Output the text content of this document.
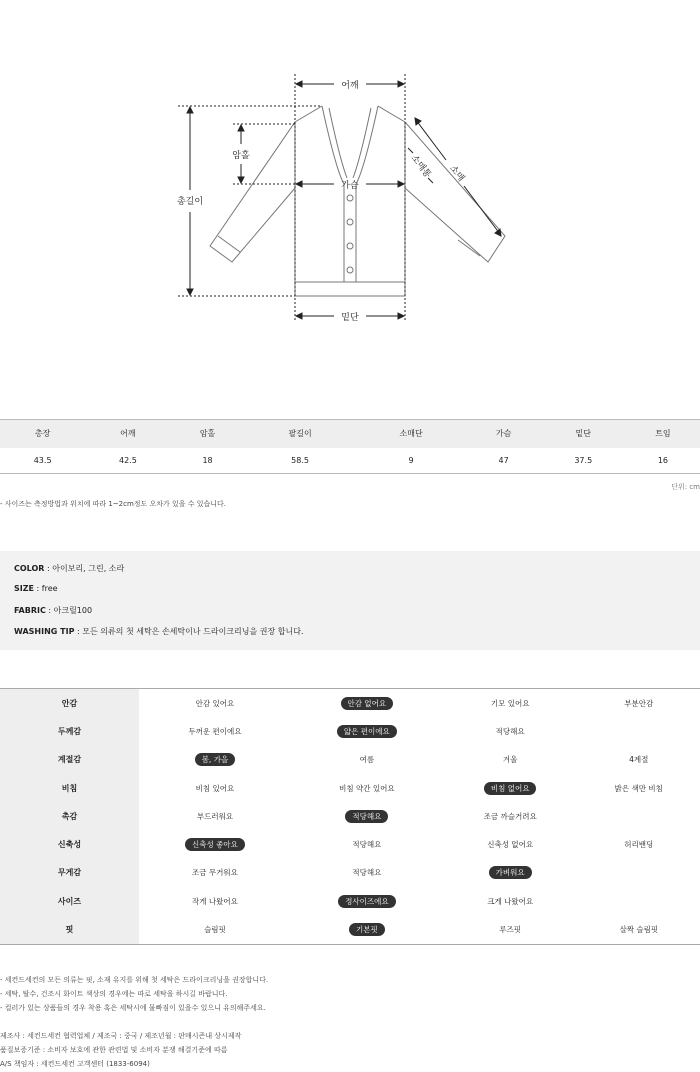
어깨
가슴
밑단
총길이
암홀
소매
소매통
총장	어깨	암홀	팔길이	소매단	가슴	밑단	트임
43.5	42.5	18	58.5	9	47	37.5	16
단위: cm
- 사이즈는 측정방법과 위치에 따라 1~2cm정도 오차가 있을 수 있습니다.
COLOR : 아이보리, 그린, 소라
SIZE : free
FABRIC : 아크릴100
WASHING TIP : 모든 의류의 첫 세탁은 손세탁이나 드라이크리닝을 권장 합니다.
안감	안감 있어요	안감 없어요	기모 있어요	부분안감
두께감	두꺼운 편이에요	얇은 편이에요	적당해요	
계절감	봄, 가을	여름	겨울	4계절
비침	비침 있어요	비침 약간 있어요	비침 없어요	밝은 색만 비침
촉감	부드러워요	적당해요	조금 까슬거려요	
신축성	신축성 좋아요	적당해요	신축성 없어요	허리밴딩
무게감	조금 무거워요	적당해요	가벼워요	
사이즈	작게 나왔어요	정사이즈에요	크게 나왔어요	
핏	슬림핏	기본핏	루즈핏	살짝 슬림핏
- 세컨드세컨의 모든 의류는 핏, 소재 유지를 위해 첫 세탁은 드라이크리닝을 권장합니다.
- 세탁, 탈수, 건조시 화이트 색상의 경우에는 따로 세탁을 하시길 바랍니다.
- 컬러가 있는 상품들의 경우 착용 혹은 세탁시에 물빠짐이 있을수 있으니 유의해주세요.
제조사 : 세컨드세컨 협력업체 / 제조국 : 중국 / 제조년월 : 판매시즌내 상시제작
품질보증기준 : 소비자 보호에 관한 관련법 및 소비자 분쟁 해결기준에 따름
A/S 책임자 : 세컨드세컨 고객센터 (1833-6094)
